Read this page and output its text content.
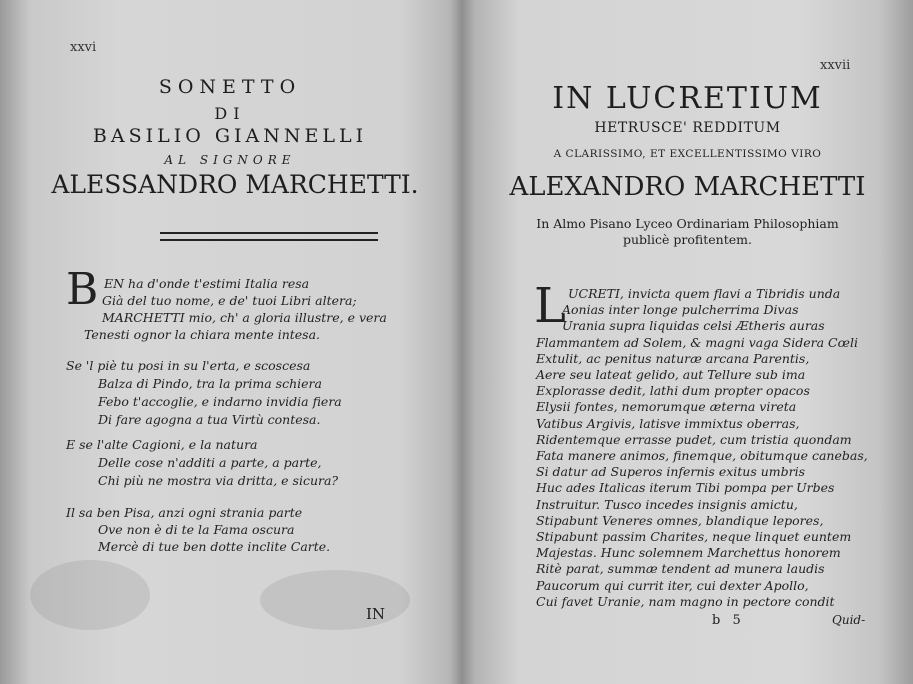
xxvi
SONETTO
DI
BASILIO GIANNELLI
AL SIGNORE
ALESSANDRO MARCHETTI.
B EN ha d'onde t'estimi Italia resa
Già del tuo nome, e de' tuoi Libri altera;
MARCHETTI mio, ch' a gloria illustre, e vera
Tenesti ognor la chiara mente intesa.
Se 'l piè tu posi in su l'erta, e scoscesa
Balza di Pindo, tra la prima schiera
Febo t'accoglie, e indarno invidia fiera
Di fare agogna a tua Virtù contesa.
E se l'alte Cagioni, e la natura
Delle cose n'additi a parte, a parte,
Chi più ne mostra via dritta, e sicura?
Il sa ben Pisa, anzi ogni strania parte
Ove non è di te la Fama oscura
Mercè di tue ben dotte inclite Carte.
IN
xxvii
IN LUCRETIUM
HETRUSCE' REDDITUM
A CLARISSIMO, ET EXCELLENTISSIMO VIRO
ALEXANDRO MARCHETTI
In Almo Pisano Lyceo Ordinariam Philosophiam
publicè profitentem.
L UCRETI, invicta quem flavi a Tibridis unda
Aonias inter longe pulcherrima Divas
Urania supra liquidas celsi Ætheris auras
Flammantem ad Solem, & magni vaga Sidera Cœli
Extulit, ac penitus naturæ arcana Parentis,
Aere seu lateat gelido, aut Tellure sub ima
Explorasse dedit, lathi dum propter opacos
Elysii fontes, nemorumque æterna vireta
Vatibus Argivis, latisve immixtus oberras,
Ridentemque errasse pudet, cum tristia quondam
Fata manere animos, finemque, obitumque canebas,
Si datur ad Superos infernis exitus umbris
Huc ades Italicas iterum Tibi pompa per Urbes
Instruitur. Tusco incedes insignis amictu,
Stipabunt Veneres omnes, blandique lepores,
Stipabunt passim Charites, neque linquet euntem
Majestas. Hunc solemnem Marchettus honorem
Ritè parat, summæ tendent ad munera laudis
Paucorum qui currit iter, cui dexter Apollo,
Cui favet Uranie, nam magno in pectore condit
b 5	Quid-
